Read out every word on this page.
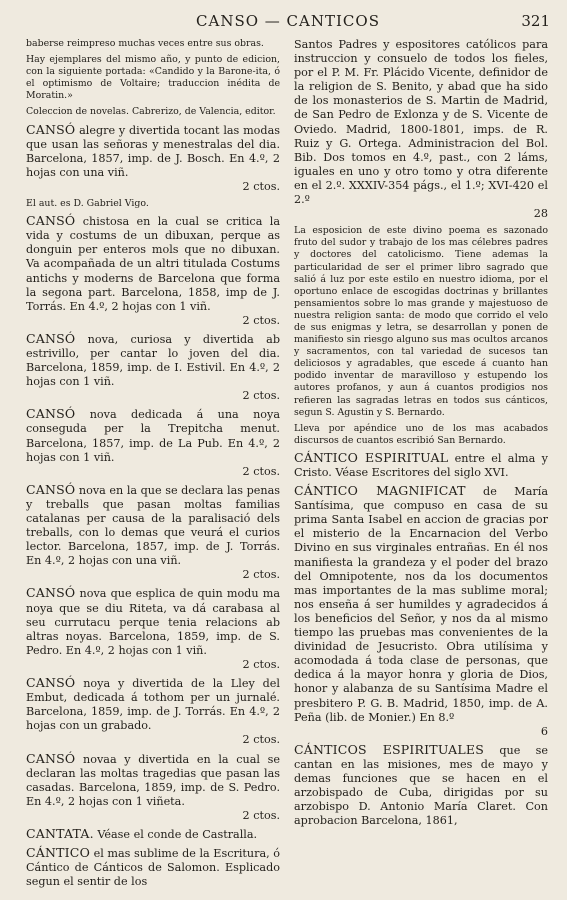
CANSO — CANTICOS	321

baberse reimpreso muchas veces entre sus obras.

Hay ejemplares del mismo año, y punto de edicion, con la siguiente portada: «Candido y la Barone-ita, ó el optimismo de Voltaire; traduccion inédita de Moratin.»

Coleccion de novelas. Cabrerizo, de Valencia, editor.

CANSÓ alegre y divertida tocant las modas que usan las señoras y menestralas del dia. Barcelona, 1857, imp. de J. Bosch. En 4.º, 2 hojas con una viñ.
2 ctos.

El aut. es D. Gabriel Vigo.

CANSÓ chistosa en la cual se critica la vida y costums de un dibuxan, perque as donguin per enteros mols que no dibuxan. Va acompañada de un altri titulada Costums antichs y moderns de Barcelona que forma la segona part. Barcelona, 1858, imp de J. Torrás. En 4.º, 2 hojas con 1 viñ.
2 ctos.

CANSÓ nova, curiosa y divertida ab estrivillo, per cantar lo joven del dia. Barcelona, 1859, imp. de I. Estivil. En 4.º, 2 hojas con 1 viñ.
2 ctos.

CANSÓ nova dedicada á una noya conseguda per la Trepitcha menut. Barcelona, 1857, imp. de La Pub. En 4.º, 2 hojas con 1 viñ.
2 ctos.

CANSÓ nova en la que se declara las penas y treballs que pasan moltas familias catalanas per causa de la paralisació dels treballs, con lo demas que veurá el curios lector. Barcelona, 1857, imp. de J. Torrás. En 4.º, 2 hojas con una viñ.
2 ctos.

CANSÓ nova que esplica de quin modu ma noya que se diu Riteta, va dá carabasa al seu currutacu perque tenia relacions ab altras noyas. Barcelona, 1859, imp. de S. Pedro. En 4.º, 2 hojas con 1 viñ.
2 ctos.

CANSÓ noya y divertida de la Lley del Embut, dedicada á tothom per un jurnalé. Barcelona, 1859, imp. de J. Torrás. En 4.º, 2 hojas con un grabado.
2 ctos.

CANSÓ novaa y divertida en la cual se declaran las moltas tragedias que pasan las casadas. Barcelona, 1859, imp. de S. Pedro. En 4.º, 2 hojas con 1 viñeta.
2 ctos.

CANTATA. Véase el conde de Castralla.

CÁNTICO el mas sublime de la Escritura, ó Cántico de Cánticos de Salomon. Esplicado segun el sentir de los

Santos Padres y espositores católicos para instruccion y consuelo de todos los fieles, por el P. M. Fr. Plácido Vicente, definidor de la religion de S. Benito, y abad que ha sido de los monasterios de S. Martin de Madrid, de San Pedro de Exlonza y de S. Vicente de Oviedo. Madrid, 1800-1801, imps. de R. Ruiz y G. Ortega. Administracion del Bol. Bib. Dos tomos en 4.º, past., con 2 láms, iguales en uno y otro tomo y otra diferente en el 2.º. XXXIV-354 págs., el 1.º; XVI-420 el 2.º
28

La esposicion de este divino poema es sazonado fruto del sudor y trabajo de los mas célebres padres y doctores del catolicismo. Tiene ademas la particularidad de ser el primer libro sagrado que salió á luz por este estilo en nuestro idioma, por el oportuno enlace de escogidas doctrinas y brillantes pensamientos sobre lo mas grande y majestuoso de nuestra religion santa: de modo que corrido el velo de sus enigmas y letra, se desarrollan y ponen de manifiesto sin riesgo alguno sus mas ocultos arcanos y sacramentos, con tal variedad de sucesos tan deliciosos y agradables, que escede á cuanto han podido inventar de maravilloso y estupendo los autores profanos, y aun á cuantos prodigios nos refieren las sagradas letras en todos sus cánticos, segun S. Agustin y S. Bernardo.

Lleva por apéndice uno de los mas acabados discursos de cuantos escribió San Bernardo.

CÁNTICO ESPIRITUAL entre el alma y Cristo. Véase Escritores del siglo XVI.

CÁNTICO MAGNIFICAT de María Santísima, que compuso en casa de su prima Santa Isabel en accion de gracias por el misterio de la Encarnacion del Verbo Divino en sus virginales entrañas. En él nos manifiesta la grandeza y el poder del brazo del Omnipotente, nos da los documentos mas importantes de la mas sublime moral; nos enseña á ser humildes y agradecidos á los beneficios del Señor, y nos da al mismo tiempo las pruebas mas convenientes de la divinidad de Jesucristo. Obra utilísima y acomodada á toda clase de personas, que dedica á la mayor honra y gloria de Dios, honor y alabanza de su Santísima Madre el presbitero P. G. B. Madrid, 1850, imp. de A. Peña (lib. de Monier.) En 8.º
6

CÁNTICOS ESPIRITUALES que se cantan en las misiones, mes de mayo y demas funciones que se hacen en el arzobispado de Cuba, dirigidas por su arzobispo D. Antonio María Claret. Con aprobacion Barcelona, 1861,
